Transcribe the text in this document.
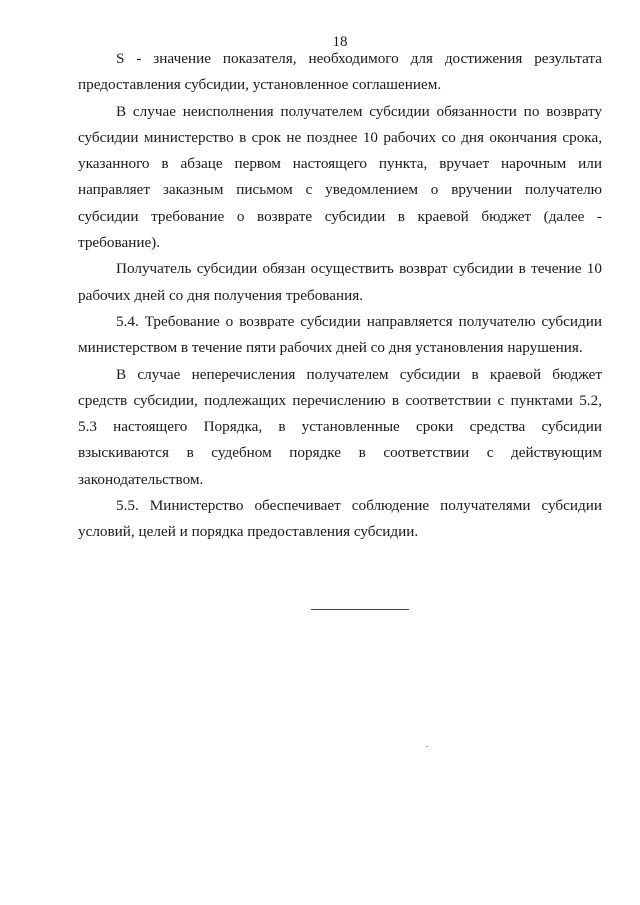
18

S - значение показателя, необходимого для достижения результата предоставления субсидии, установленное соглашением.

В случае неисполнения получателем субсидии обязанности по возврату субсидии министерство в срок не позднее 10 рабочих со дня окончания срока, указанного в абзаце первом настоящего пункта, вручает нарочным или направляет заказным письмом с уведомлением о вручении получателю субсидии требование о возврате субсидии в краевой бюджет (далее - требование).

Получатель субсидии обязан осуществить возврат субсидии в течение 10 рабочих дней со дня получения требования.

5.4. Требование о возврате субсидии направляется получателю субсидии министерством в течение пяти рабочих дней со дня установления нарушения.

В случае неперечисления получателем субсидии в краевой бюджет средств субсидии, подлежащих перечислению в соответствии с пунктами 5.2, 5.3 настоящего Порядка, в установленные сроки средства субсидии взыскиваются в судебном порядке в соответствии с действующим законодательством.

5.5. Министерство обеспечивает соблюдение получателями субсидии условий, целей и порядка предоставления субсидии.
